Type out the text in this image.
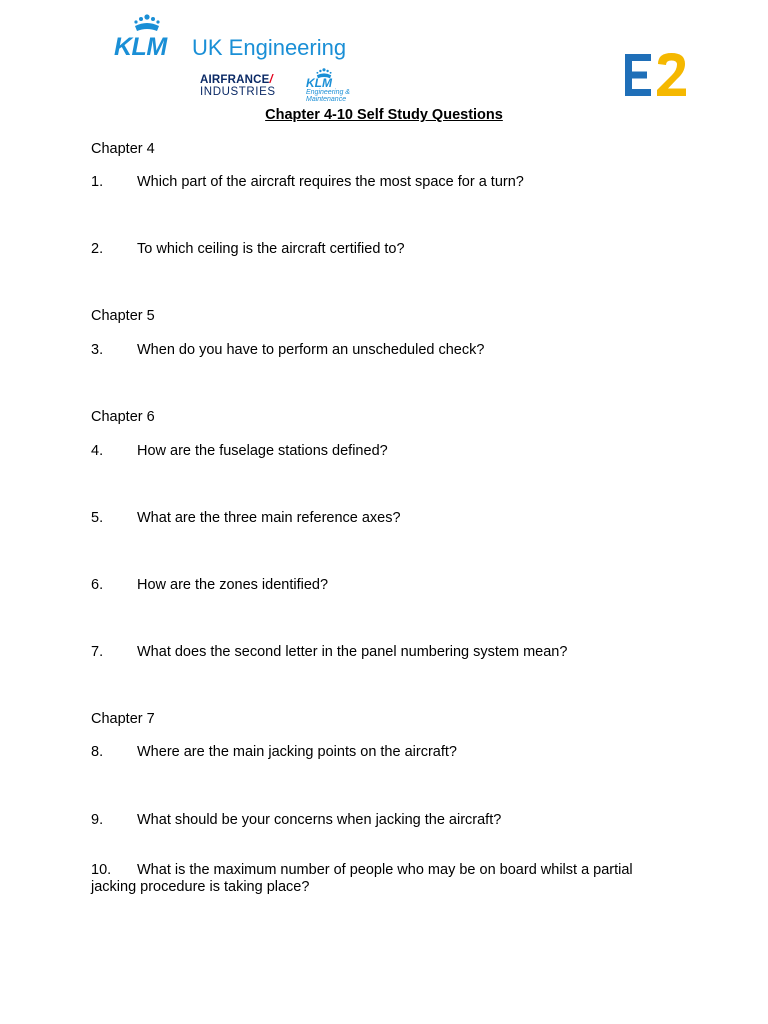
KLM UK Engineering
AIRFRANCE/
INDUSTRIES
KLM
Engineering &
Maintenance
Chapter 4-10 Self Study Questions
Chapter 4
1. Which part of the aircraft requires the most space for a turn?
2. To which ceiling is the aircraft certified to?
Chapter 5
3. When do you have to perform an unscheduled check?
Chapter 6
4. How are the fuselage stations defined?
5. What are the three main reference axes?
6. How are the zones identified?
7. What does the second letter in the panel numbering system mean?
Chapter 7
8. Where are the main jacking points on the aircraft?
9. What should be your concerns when jacking the aircraft?
10. What is the maximum number of people who may be on board whilst a partial
jacking procedure is taking place?
